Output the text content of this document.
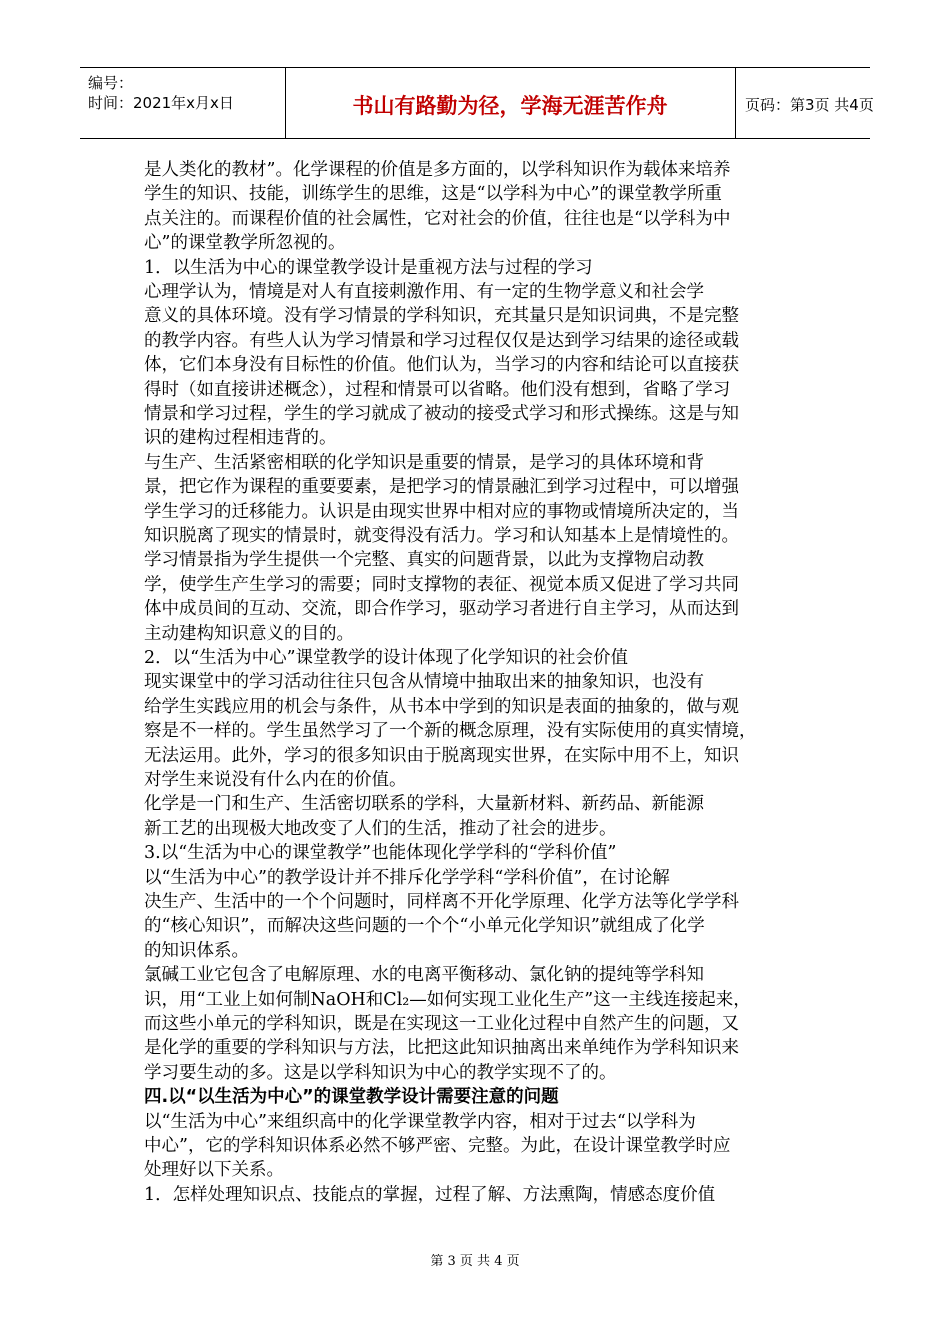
编号：
时间：2021年x月x日	书山有路勤为径，学海无涯苦作舟	页码：第3页 共4页
是人类化的教材”。化学课程的价值是多方面的，以学科知识作为载体来培养
学生的知识、技能，训练学生的思维，这是“以学科为中心”的课堂教学所重
点关注的。而课程价值的社会属性，它对社会的价值，往往也是“以学科为中
心”的课堂教学所忽视的。
1．以生活为中心的课堂教学设计是重视方法与过程的学习
心理学认为，情境是对人有直接刺激作用、有一定的生物学意义和社会学
意义的具体环境。没有学习情景的学科知识，充其量只是知识词典，不是完整
的教学内容。有些人认为学习情景和学习过程仅仅是达到学习结果的途径或载
体，它们本身没有目标性的价值。他们认为，当学习的内容和结论可以直接获
得时（如直接讲述概念），过程和情景可以省略。他们没有想到，省略了学习
情景和学习过程，学生的学习就成了被动的接受式学习和形式操练。这是与知
识的建构过程相违背的。
与生产、生活紧密相联的化学知识是重要的情景，是学习的具体环境和背
景，把它作为课程的重要要素，是把学习的情景融汇到学习过程中，可以增强
学生学习的迁移能力。认识是由现实世界中相对应的事物或情境所决定的，当
知识脱离了现实的情景时，就变得没有活力。学习和认知基本上是情境性的。
学习情景指为学生提供一个完整、真实的问题背景，以此为支撑物启动教
学，使学生产生学习的需要；同时支撑物的表征、视觉本质又促进了学习共同
体中成员间的互动、交流，即合作学习，驱动学习者进行自主学习，从而达到
主动建构知识意义的目的。
2．以“生活为中心”课堂教学的设计体现了化学知识的社会价值
现实课堂中的学习活动往往只包含从情境中抽取出来的抽象知识，也没有
给学生实践应用的机会与条件，从书本中学到的知识是表面的抽象的，做与观
察是不一样的。学生虽然学习了一个新的概念原理，没有实际使用的真实情境，
无法运用。此外，学习的很多知识由于脱离现实世界，在实际中用不上，知识
对学生来说没有什么内在的价值。
化学是一门和生产、生活密切联系的学科，大量新材料、新药品、新能源
新工艺的出现极大地改变了人们的生活，推动了社会的进步。
3.以“生活为中心的课堂教学”也能体现化学学科的“学科价值”
以“生活为中心”的教学设计并不排斥化学学科“学科价值”，在讨论解
决生产、生活中的一个个问题时，同样离不开化学原理、化学方法等化学学科
的“核心知识”，而解决这些问题的一个个“小单元化学知识”就组成了化学
的知识体系。
氯碱工业它包含了电解原理、水的电离平衡移动、氯化钠的提纯等学科知
识，用“工业上如何制NaOH和Cl₂—如何实现工业化生产”这一主线连接起来，
而这些小单元的学科知识，既是在实现这一工业化过程中自然产生的问题，又
是化学的重要的学科知识与方法，比把这此知识抽离出来单纯作为学科知识来
学习要生动的多。这是以学科知识为中心的教学实现不了的。
四.以“以生活为中心”的课堂教学设计需要注意的问题
以“生活为中心”来组织高中的化学课堂教学内容，相对于过去“以学科为
中心”，它的学科知识体系必然不够严密、完整。为此，在设计课堂教学时应
处理好以下关系。
1．怎样处理知识点、技能点的掌握，过程了解、方法熏陶，情感态度价值
第 3 页 共 4 页
